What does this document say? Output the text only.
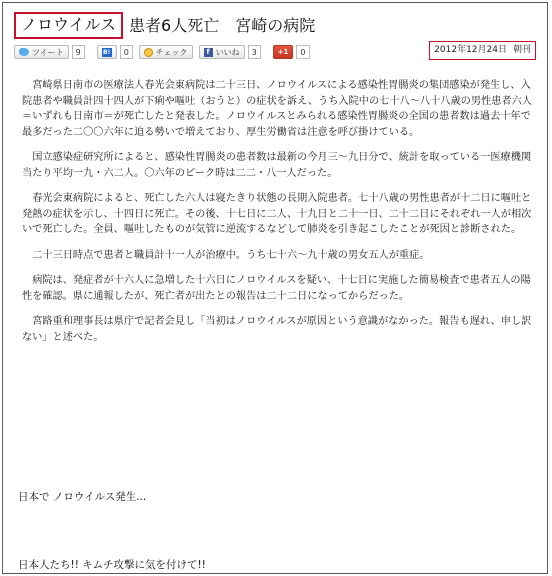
ノロウイルス 患者6人死亡　宮崎の病院
ツイート	9	B!	0	チェック	f いいね	3	+1	0	2012年12月24日 朝刊

宮崎県日南市の医療法人春光会東病院は二十三日、ノロウイルスによる感染性胃腸炎の集団感染が発生し、入院患者や職員計四十四人が下痢や嘔吐（おうと）の症状を訴え、うち入院中の七十八〜八十八歳の男性患者六人＝いずれも日南市＝が死亡したと発表した。ノロウイルスとみられる感染性胃腸炎の全国の患者数は過去十年で最多だった二〇〇六年に迫る勢いで増えており、厚生労働省は注意を呼び掛けている。

国立感染症研究所によると、感染性胃腸炎の患者数は最新の今月三〜九日分で、統計を取っている一医療機関当たり平均一九・六二人。〇六年のピーク時は二二・八一人だった。

春光会東病院によると、死亡した六人は寝たきり状態の長期入院患者。七十八歳の男性患者が十二日に嘔吐と発熱の症状を示し、十四日に死亡。その後、十七日に二人、十九日と二十一日、二十二日にそれぞれ一人が相次いで死亡した。全員、嘔吐したものが気管に逆流するなどして肺炎を引き起こしたことが死因と診断された。

二十三日時点で患者と職員計十一人が治療中。うち七十六〜九十歳の男女五人が重症。

病院は、発症者が十六人に急増した十六日にノロウイルスを疑い、十七日に実施した簡易検査で患者五人の陽性を確認。県に通報したが、死亡者が出たとの報告は二十二日になってからだった。

宮路重和理事長は県庁で記者会見し「当初はノロウイルスが原因という意識がなかった。報告も遅れ、申し訳ない」と述べた。

日本で ノロウイルス発生...
日本人たち!! キムチ攻撃に気を付けて!!
